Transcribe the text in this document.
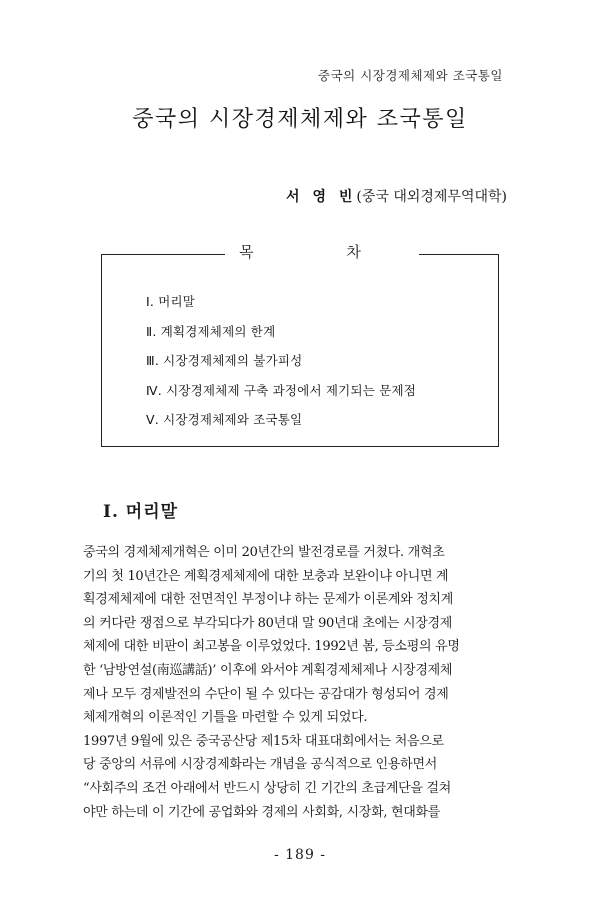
중국의 시장경제체제와 조국통일
중국의 시장경제체제와 조국통일
서 영 빈(중국 대외경제무역대학)
목 차
Ⅰ. 머리말
Ⅱ. 계획경제체제의 한계
Ⅲ. 시장경제체제의 불가피성
Ⅳ. 시장경제체제 구축 과정에서 제기되는 문제점
Ⅴ. 시장경제체제와 조국통일
Ⅰ. 머리말
중국의 경제체제개혁은 이미 20년간의 발전경로를 거쳤다. 개혁초
기의 첫 10년간은 계획경제체제에 대한 보충과 보완이냐 아니면 계
획경제체제에 대한 전면적인 부정이냐 하는 문제가 이론계와 정치계
의 커다란 쟁점으로 부각되다가 80년대 말 90년대 초에는 시장경제
체제에 대한 비판이 최고봉을 이루었었다. 1992년 봄, 등소평의 유명
한 ‘남방연설(南巡講話)’ 이후에 와서야 계획경제체제나 시장경제체
제나 모두 경제발전의 수단이 될 수 있다는 공감대가 형성되어 경제
체제개혁의 이론적인 기틀을 마련할 수 있게 되었다.
1997년 9월에 있은 중국공산당 제15차 대표대회에서는 처음으로
당 중앙의 서류에 시장경제화라는 개념을 공식적으로 인용하면서
“사회주의 조건 아래에서 반드시 상당히 긴 기간의 초급계단을 걸쳐
야만 하는데 이 기간에 공업화와 경제의 사회화, 시장화, 현대화를
- 189 -
